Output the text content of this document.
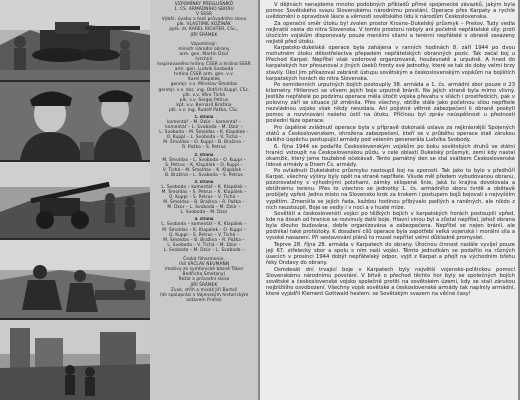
VZPOMÍNKY PŘESLUŠNÍKŮ
1. ČS. ARMÁDNÍHO SBORU
V SSSR
Výběr, úvahu a text průvodního slova
plk. VLASTIMIL KOŽINÁK
pplk. dr. KAREL RICHTER, CSc.,
JIŘÍ ŠRÁMEK
Vzpomínají:
ministr národní obrany
arm. gen. Martin Dzúr
(vrchní)
Inspirovaného hrdiny ČSSR a hrdina SSSR
arm. gen. Ludvík Svoboda
hrdina ČSSR arm. gen. v.v.
Karel Klapálek
genmjr. v.v. Miroslav Šmoldas
genmjr. v.v. doc. ing. Oldřich Kuppl, CSc.
plk. v.v. Věra Tichá
plk. v.v. Sergej Petrus
kpt. v.v. Bernard Bražina
plk. v.v. ing. Rudolf Pažka, CSc.
1. strana
komentář – M. Dzúr – komentář –
komentář – L. Svoboda – M. Dzúr –
L. Svoboda – M. Šmoldas – K. Klapálek –
O. Kuppl – L. Svoboda – V. Tichá –
M. Šmoldas – O. Kuppl – B. Bražina –
R. Pažka – S. Petrus
2. strana
M. Šmoldas – L. Svoboda – O. Kuppl –
S. Petrus – K. Klapálek – O. Kuppl –
V. Tichá – M. Šmoldas – K. Klapálek –
B. Bražina – L. Svoboda – S. Petrus
3. strana
L. Svoboda – komentář – K. Klapálek –
M. Šmoldas – S. Petrus – K. Klapálek –
O. Kuppl – S. Petrus – V. Tichá –
M. Šmoldas – B. Bražina – R. Pažka –
M. Dzúr – L. Svoboda – M. Dzúr –
L. Svoboda – M. Dzúr
4. strana
L. Svoboda – komentář – K. Klapálek –
M. Šmoldas – K. Klapálek – O. Kuppl –
O. Kuppl – S. Petrus – V. Tichá –
M. Šmoldas – B. Bražina – R. Pažka –
L. Svoboda – V. Tichá – M. Dzúr –
L. Svoboda – M. Dzúr – L. Svoboda –
Česká filharmonie,
řídí VÁCLAV NEUMANN
(motivy ze symfonické básně Tábor
Bedřicha Smetany)
Režie a průvodní slovo
JIŘÍ ŠRÁMEK
Zvuk, střih a mixáž Jiří Bartoš
(Ve spolupráci s Vojenským historickým
ústavem Praha)

V dějinách nenajdeme mnoho podobných příkladů přímé spojenecké závazků, jakým byla pomoc Sovětského svazu Slovenskému národnímu povstání. Operace přes Karpaty a rychlé uvědomění o opravdové lásce a věrnosti sovětského lidu k národům Československa.

Za operační směr útoku byl zvolen prostor Krosno–Dukelský průsmyk – Prešov. Tudy vedla nejkratší cesta do nitra Slovenska. V tomto prostoru nebyly ani početně nepřátelské síly: proti útočícím vojskům disponovaly pouze menšími silami a terénní nepřátelé v obraně zasazeny nejistě před útoku.

Karpatsko-dukelská operace byla zahájena v ranních hodinách 8. září 1944 po dvou mohutném útoku dělostřelectva přepadem nepřátelských obranných pozic. Tak začal boj u Přechod Karpat. Nepřítel však vzdoroval organizovaně, houževnatě a urputně. A hned do karpatských hor přesunoval z jiných úseků fronty své jednotky, které se tak do doby velmi brzy stavily. Úkol jim příkazoval zabránit ústupu sovětským a československým vojskům na bojištích karpatských horách do nitra Slovenska.

Po osmidenních urputných bojích postoupily 38. armáda a 1. čs. armádní sbor pouze o 23 kilometry. Hitlerovci se vlivem jejich boje urputně bránili. Na jejich straně byla mimo vlivný. Jestliže nepřátelé po podzimu operace měla útočit vojska převahu v silách i prostředcích, pak v poloviny září se situace již změnila. Přes všechny, obtíže stále jako početnou silou nepřítele nezvládnou vojsko však nikdy nevzdala. Ani pojistné větrné zabezpečení k obraně poskytl pomoc a rozvinování našeho úsilí na útoku. Příčinou byl zpráv neúspěšnost u předností poslední fáze operace.

Pro úspěšné zvládnutí operace byla v přípravě dokonalá oslava za nejkrásnější Spojených států a Československem, ohrožena zabezpečení, kteří se v průběhu operace stali zárukou dalšího úspěchu postupující armády pod velením genenerála Ludvíka Svobody.

6. října 1944 se podařilo Československým vojskům po boku sovětských druhů ve státní hranici vstoupit na Československou půdu, v celé oblasti Dukelský průsmyk, zemí kdy nastal okamžik, který jsme toužebně očekávali. Tento památný den se stal svátkem Československé lidové armády a Dnem Čs. armády.

Po ovládnutí Dukelského průsmyku nastoupil boj na sporosti. Tak jako to bylo v předhůří Karpat, všechny výšiny byly opět na straně nepřítele. Všude měl předem vybudovanou obranu, pozorovatelny s výhodnými polohami, zámky sklopené linie, jaká tu krajina dovolovala a obtížnému terénu. Přes to všechno se jednotky 1. čs. armádního sboru tvrdě a obětavě probíjely vpřed. Jedno místo na Slovensko krok za krokem i postupem bojů bojovali s nejvyšším vypětím. Zmenšila se jejich řada, každou hodinou přibývalo padlých a raněných, ale nikdo z nich neustoupil. Boje se vedly i v noci a v husté mlze.

Sovětští a českoslovenští vojáci po těžkých bojích v karpatských horách postoupili vpřed, kde na dosah od hranice se rozvinuly další boje. Hlavní vinou byl a zůstal nepřítel, jehož obrana byla dlouho budována, dobře organizována a zabezpečena. Nepřítel se nejen bránil, ale podnikal také protiútoky. K dosažení cílů operace byla zapotřebí velká vojenská i morální síla a vysoké nasazení. Při sestavování plánů to musel nepřítel velmi důkladně promyslet.

Teprve 28. října 28. armáda v Karpatech do obrany. Útočnou činnost nadále vyvíjel pouze jeji 67. střelecký sbor a spolu s ním naši vojáci. Těmto jednotkám se podařilo na různých úsecích v prosinci 1944 dobýt nepřátelský odpor, vyjít z Karpat a přejít na východním břehu řeky Ondavy do obrany.

Osmdesát dní trvající boje v Karpatech byly největší vojensko-politickou pomocí Slovenskému národnímu povstání. V bitvě o přechod těchto hor byly se společných bojích sovětské a československé vojsko společně protiti na sovětském území, kdy se stali zárukou nejbližšího osvobození. Všechny vojsk sovětské a československé armády tak naplnily armádní, které vyjádřil Klement Gottwald heslem: se Sovětským svazem na věčné časy!
